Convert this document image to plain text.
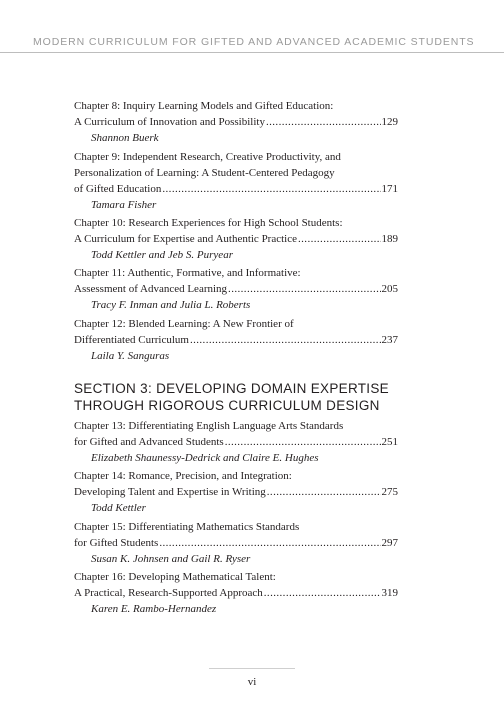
MODERN CURRICULUM FOR GIFTED AND ADVANCED ACADEMIC STUDENTS
Chapter 8: Inquiry Learning Models and Gifted Education:
A Curriculum of Innovation and Possibility .....	129
Shannon Buerk
Chapter 9: Independent Research, Creative Productivity, and
Personalization of Learning: A Student-Centered Pedagogy
of Gifted Education .....	171
Tamara Fisher
Chapter 10: Research Experiences for High School Students:
A Curriculum for Expertise and Authentic Practice .....	189
Todd Kettler and Jeb S. Puryear
Chapter 11: Authentic, Formative, and Informative:
Assessment of Advanced Learning .....	205
Tracy F. Inman and Julia L. Roberts
Chapter 12: Blended Learning: A New Frontier of
Differentiated Curriculum .....	237
Laila Y. Sanguras
SECTION 3: DEVELOPING DOMAIN EXPERTISE
THROUGH RIGOROUS CURRICULUM DESIGN
Chapter 13: Differentiating English Language Arts Standards
for Gifted and Advanced Students .....	251
Elizabeth Shaunessy-Dedrick and Claire E. Hughes
Chapter 14: Romance, Precision, and Integration:
Developing Talent and Expertise in Writing .....	275
Todd Kettler
Chapter 15: Differentiating Mathematics Standards
for Gifted Students .....	297
Susan K. Johnsen and Gail R. Ryser
Chapter 16: Developing Mathematical Talent:
A Practical, Research-Supported Approach .....	319
Karen E. Rambo-Hernandez
vi
